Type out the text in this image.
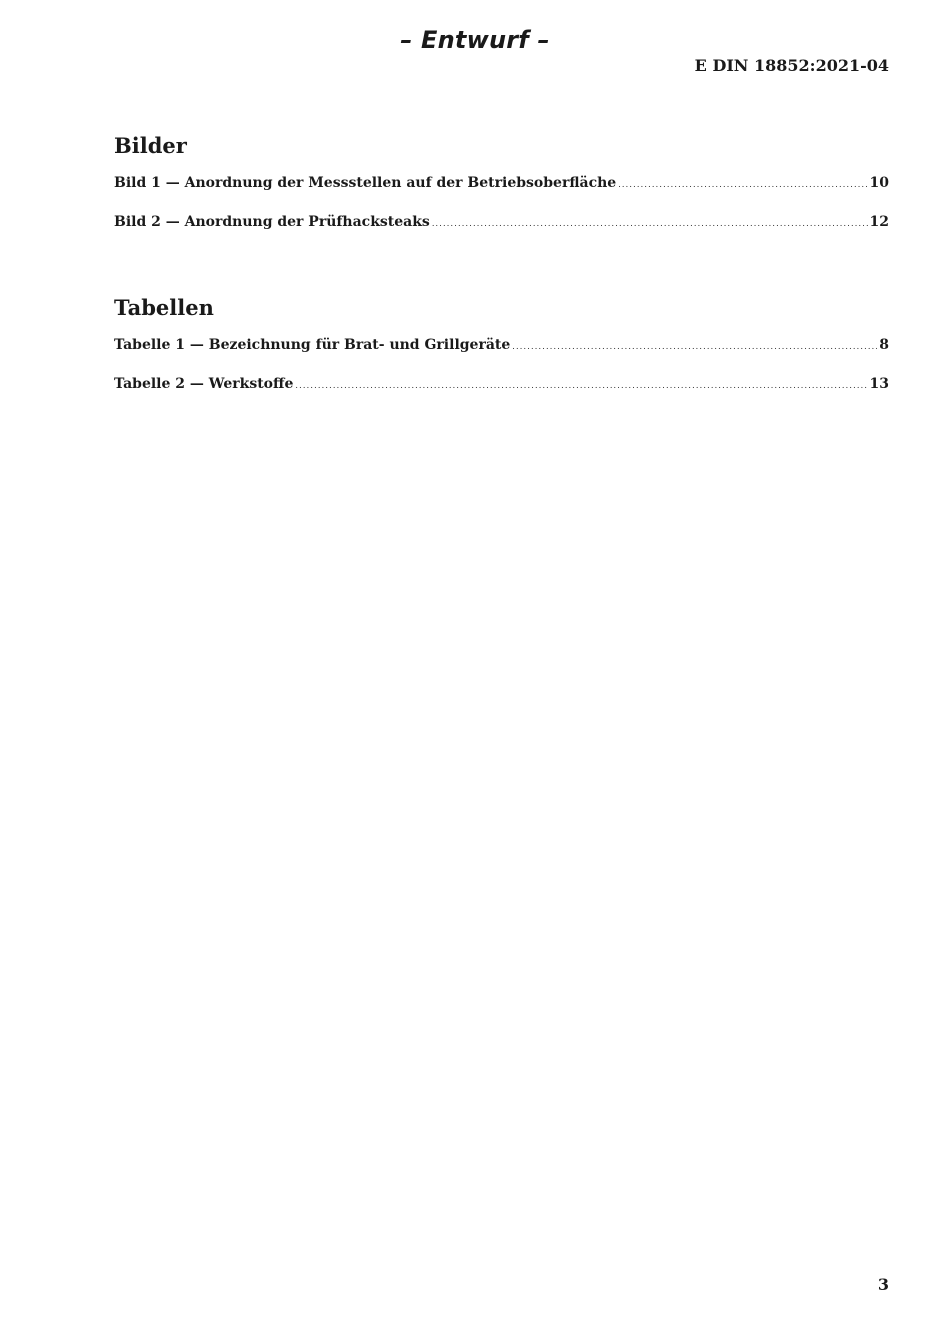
– Entwurf –
E DIN 18852:2021-04
Bilder
Bild 1 — Anordnung der Messstellen auf der Betriebsoberfläche .....	10
Bild 2 — Anordnung der Prüfhacksteaks .....	12
Tabellen
Tabelle 1 — Bezeichnung für Brat- und Grillgeräte .....	8
Tabelle 2 — Werkstoffe .....	13
3
